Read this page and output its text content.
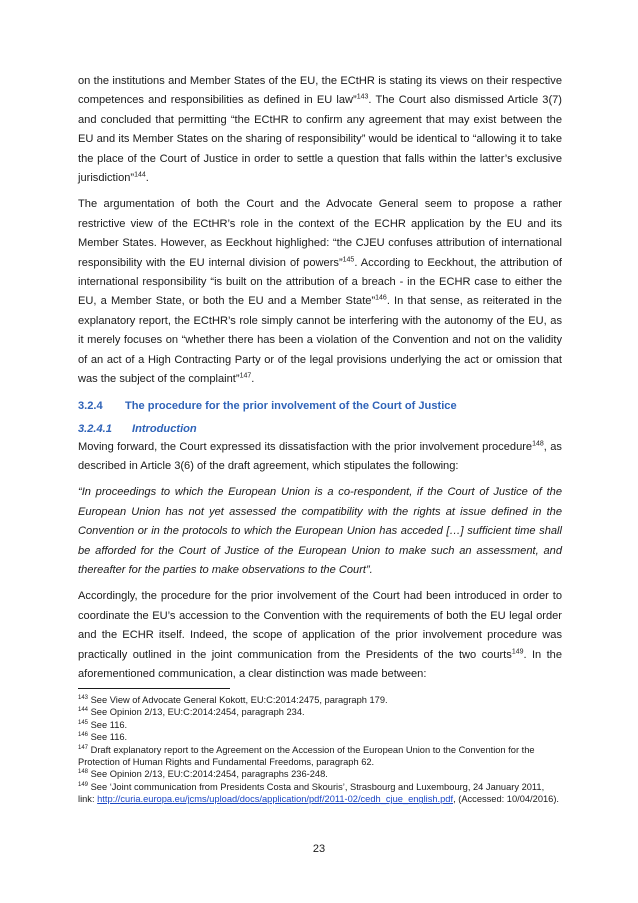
on the institutions and Member States of the EU, the ECtHR is stating its views on their respective competences and responsibilities as defined in EU law”$^{143}$. The Court also dismissed Article 3(7) and concluded that permitting “the ECtHR to confirm any agreement that may exist between the EU and its Member States on the sharing of responsibility” would be identical to “allowing it to take the place of the Court of Justice in order to settle a question that falls within the latter’s exclusive jurisdiction”$^{144}$.

The argumentation of both the Court and the Advocate General seem to propose a rather restrictive view of the ECtHR’s role in the context of the ECHR application by the EU and its Member States. However, as Eeckhout highlighed: “the CJEU confuses attribution of international responsibility with the EU internal division of powers”$^{145}$. According to Eeckhout, the attribution of international responsibility “is built on the attribution of a breach - in the ECHR case to either the EU, a Member State, or both the EU and a Member State”$^{146}$. In that sense, as reiterated in the explanatory report, the ECtHR’s role simply cannot be interfering with the autonomy of the EU, as it merely focuses on “whether there has been a violation of the Convention and not on the validity of an act of a High Contracting Party or of the legal provisions underlying the act or omission that was the subject of the complaint”$^{147}$.

3.2.4 The procedure for the prior involvement of the Court of Justice
3.2.4.1 Introduction

Moving forward, the Court expressed its dissatisfaction with the prior involvement procedure$^{148}$, as described in Article 3(6) of the draft agreement, which stipulates the following:

“In proceedings to which the European Union is a co-respondent, if the Court of Justice of the European Union has not yet assessed the compatibility with the rights at issue defined in the Convention or in the protocols to which the European Union has acceded […] sufficient time shall be afforded for the Court of Justice of the European Union to make such an assessment, and thereafter for the parties to make observations to the Court”.

Accordingly, the procedure for the prior involvement of the Court had been introduced in order to coordinate the EU’s accession to the Convention with the requirements of both the EU legal order and the ECHR itself. Indeed, the scope of application of the prior involvement procedure was practically outlined in the joint communication from the Presidents of the two courts$^{149}$. In the aforementioned communication, a clear distinction was made between:

$^{143}$ See View of Advocate General Kokott, EU:C:2014:2475, paragraph 179.
$^{144}$ See Opinion 2/13, EU:C:2014:2454, paragraph 234.
$^{145}$ See 116.
$^{146}$ See 116.
$^{147}$ Draft explanatory report to the Agreement on the Accession of the European Union to the Convention for the Protection of Human Rights and Fundamental Freedoms, paragraph 62.
$^{148}$ See Opinion 2/13, EU:C:2014:2454, paragraphs 236-248.
$^{149}$ See ‘Joint communication from Presidents Costa and Skouris’, Strasbourg and Luxembourg, 24 January 2011, link: http://curia.europa.eu/jcms/upload/docs/application/pdf/2011-02/cedh_cjue_english.pdf, (Accessed: 10/04/2016).
23
